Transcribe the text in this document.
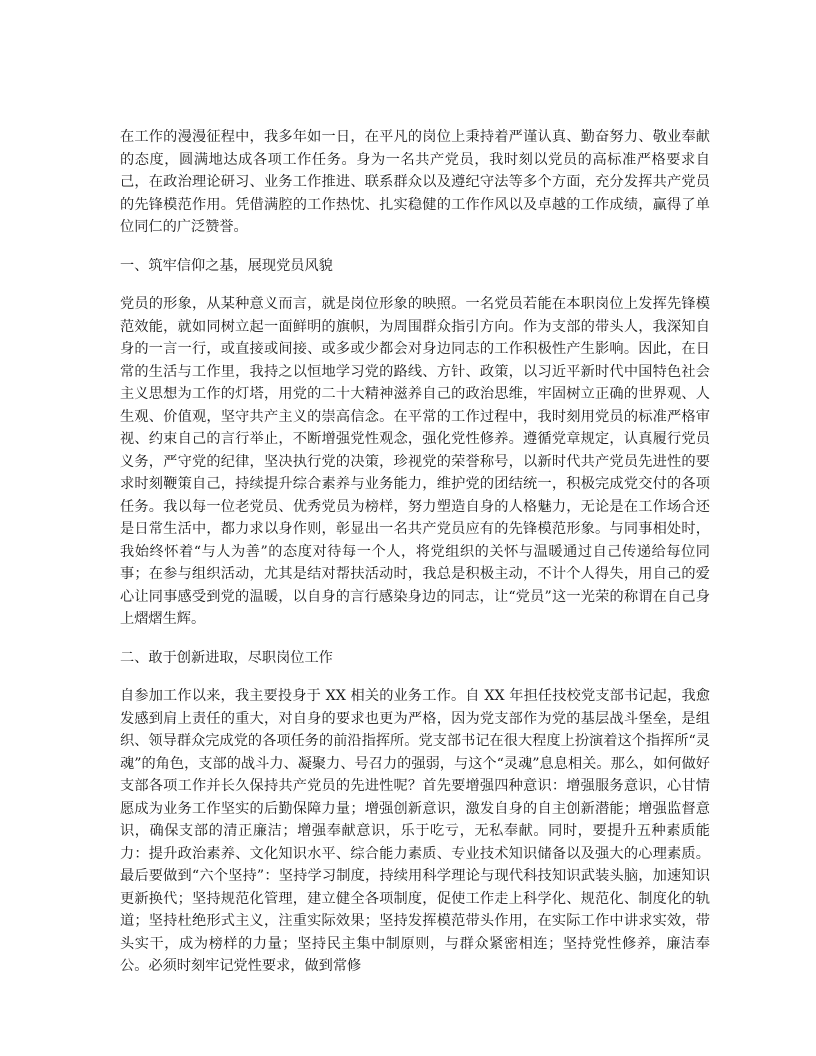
在工作的漫漫征程中，我多年如一日，在平凡的岗位上秉持着严谨认真、勤奋努力、敬业奉献的态度，圆满地达成各项工作任务。身为一名共产党员，我时刻以党员的高标准严格要求自己，在政治理论研习、业务工作推进、联系群众以及遵纪守法等多个方面，充分发挥共产党员的先锋模范作用。凭借满腔的工作热忱、扎实稳健的工作作风以及卓越的工作成绩，赢得了单位同仁的广泛赞誉。

一、筑牢信仰之基，展现党员风貌

党员的形象，从某种意义而言，就是岗位形象的映照。一名党员若能在本职岗位上发挥先锋模范效能，就如同树立起一面鲜明的旗帜，为周围群众指引方向。作为支部的带头人，我深知自身的一言一行，或直接或间接、或多或少都会对身边同志的工作积极性产生影响。因此，在日常的生活与工作里，我持之以恒地学习党的路线、方针、政策，以习近平新时代中国特色社会主义思想为工作的灯塔，用党的二十大精神滋养自己的政治思维，牢固树立正确的世界观、人生观、价值观，坚守共产主义的崇高信念。在平常的工作过程中，我时刻用党员的标准严格审视、约束自己的言行举止，不断增强党性观念，强化党性修养。遵循党章规定，认真履行党员义务，严守党的纪律，坚决执行党的决策，珍视党的荣誉称号，以新时代共产党员先进性的要求时刻鞭策自己，持续提升综合素养与业务能力，维护党的团结统一，积极完成党交付的各项任务。我以每一位老党员、优秀党员为榜样，努力塑造自身的人格魅力，无论是在工作场合还是日常生活中，都力求以身作则，彰显出一名共产党员应有的先锋模范形象。与同事相处时，我始终怀着“与人为善”的态度对待每一个人，将党组织的关怀与温暖通过自己传递给每位同事；在参与组织活动，尤其是结对帮扶活动时，我总是积极主动，不计个人得失，用自己的爱心让同事感受到党的温暖，以自身的言行感染身边的同志，让“党员”这一光荣的称谓在自己身上熠熠生辉。

二、敢于创新进取，尽职岗位工作

自参加工作以来，我主要投身于 XX 相关的业务工作。自 XX 年担任技校党支部书记起，我愈发感到肩上责任的重大，对自身的要求也更为严格，因为党支部作为党的基层战斗堡垒，是组织、领导群众完成党的各项任务的前沿指挥所。党支部书记在很大程度上扮演着这个指挥所“灵魂”的角色，支部的战斗力、凝聚力、号召力的强弱，与这个“灵魂”息息相关。那么，如何做好支部各项工作并长久保持共产党员的先进性呢？首先要增强四种意识：增强服务意识，心甘情愿成为业务工作坚实的后勤保障力量；增强创新意识，激发自身的自主创新潜能；增强监督意识，确保支部的清正廉洁；增强奉献意识，乐于吃亏，无私奉献。同时，要提升五种素质能力：提升政治素养、文化知识水平、综合能力素质、专业技术知识储备以及强大的心理素质。最后要做到“六个坚持”：坚持学习制度，持续用科学理论与现代科技知识武装头脑，加速知识更新换代；坚持规范化管理，建立健全各项制度，促使工作走上科学化、规范化、制度化的轨道；坚持杜绝形式主义，注重实际效果；坚持发挥模范带头作用，在实际工作中讲求实效，带头实干，成为榜样的力量；坚持民主集中制原则，与群众紧密相连；坚持党性修养，廉洁奉公。必须时刻牢记党性要求，做到常修
